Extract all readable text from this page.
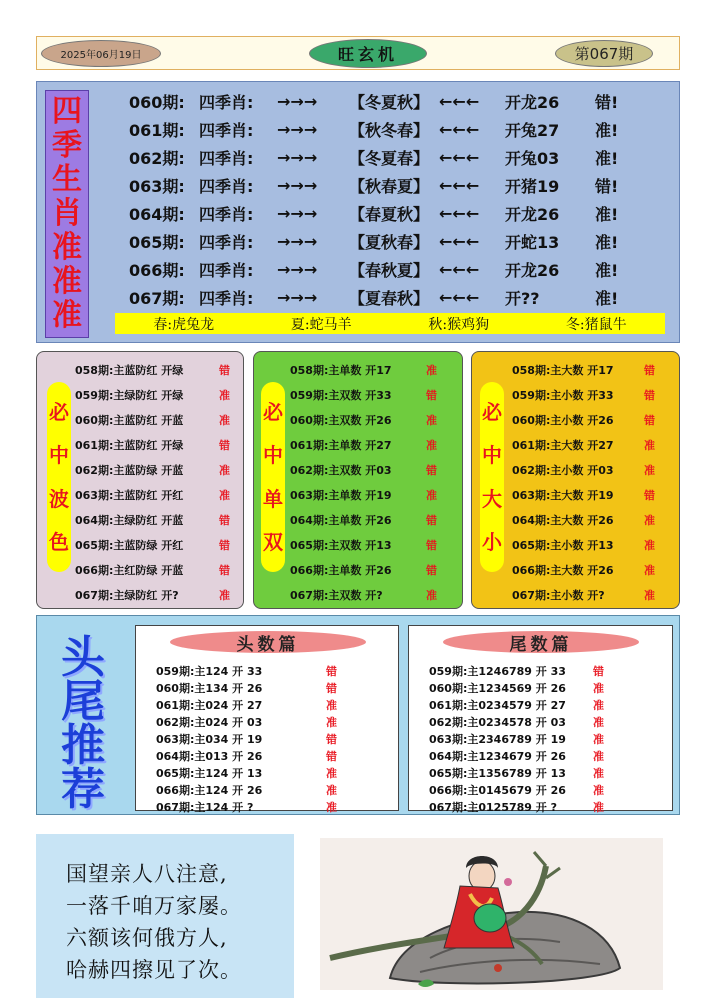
2025年06月19日	旺玄机	第067期
四
季
生
肖
准
准
准
060期: 四季肖:	→→→	【冬夏秋】 ←←←	开龙26	错!
061期: 四季肖:	→→→	【秋冬春】 ←←←	开兔27	准!
062期: 四季肖:	→→→	【冬夏春】 ←←←	开兔03	准!
063期: 四季肖:	→→→	【秋春夏】 ←←←	开猪19	错!
064期: 四季肖:	→→→	【春夏秋】 ←←←	开龙26	准!
065期: 四季肖:	→→→	【夏秋春】 ←←←	开蛇13	准!
066期: 四季肖:	→→→	【春秋夏】 ←←←	开龙26	准!
067期: 四季肖:	→→→	【夏春秋】 ←←←	开??	准!
春:虎兔龙	夏:蛇马羊	秋:猴鸡狗	冬:猪鼠牛
必
中
波
色
058期:主蓝防红 开绿	错
059期:主绿防红 开绿	准
060期:主蓝防红 开蓝	准
061期:主蓝防红 开绿	错
062期:主蓝防绿 开蓝	准
063期:主蓝防红 开红	准
064期:主绿防红 开蓝	错
065期:主蓝防绿 开红	错
066期:主红防绿 开蓝	错
067期:主绿防红 开?	准
必
中
单
双
058期:主单数 开17	准
059期:主双数 开33	错
060期:主双数 开26	准
061期:主单数 开27	准
062期:主双数 开03	错
063期:主单数 开19	准
064期:主单数 开26	错
065期:主双数 开13	错
066期:主单数 开26	错
067期:主双数 开?	准
必
中
大
小
058期:主大数 开17	错
059期:主小数 开33	错
060期:主小数 开26	错
061期:主大数 开27	准
062期:主小数 开03	准
063期:主大数 开19	错
064期:主大数 开26	准
065期:主小数 开13	准
066期:主大数 开26	准
067期:主小数 开?	准
头
尾
推
荐
头数篇
059期:主124 开 33	错
060期:主134 开 26	错
061期:主024 开 27	准
062期:主024 开 03	准
063期:主034 开 19	错
064期:主013 开 26	错
065期:主124 开 13	准
066期:主124 开 26	准
067期:主124 开 ?	准
尾数篇
059期:主1246789 开 33 错
060期:主1234569 开 26 准
061期:主0234579 开 27 准
062期:主0234578 开 03 准
063期:主2346789 开 19 准
064期:主1234679 开 26 准
065期:主1356789 开 13 准
066期:主0145679 开 26 准
067期:主0125789 开 ?	准
国望亲人八注意,
一落千咱万家屡。
六额该何俄方人,
哈赫四擦见了次。
